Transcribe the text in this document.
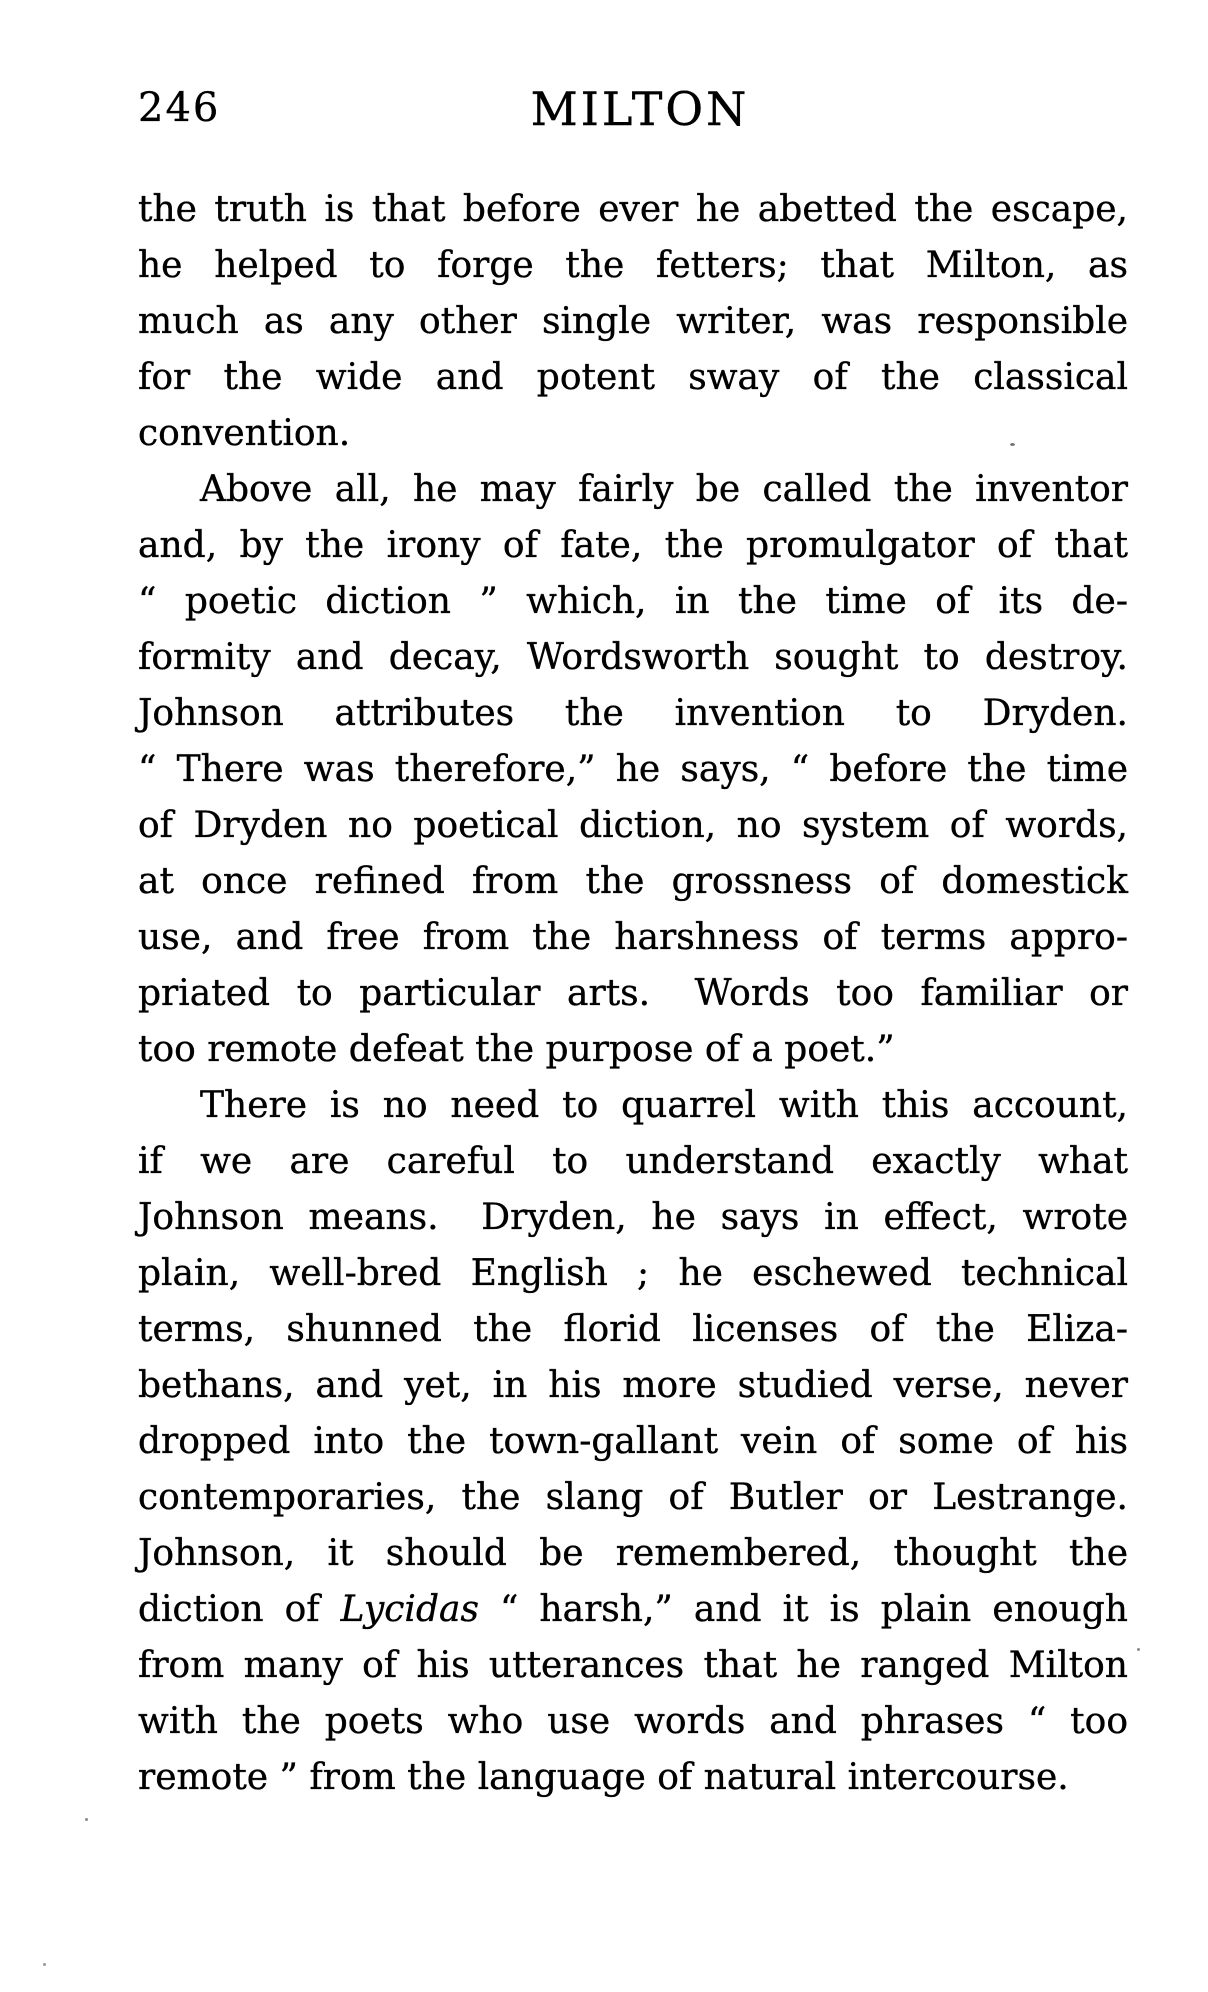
246	MILTON
the truth is that before ever he abetted the escape,
he helped to forge the fetters; that Milton, as
much as any other single writer, was responsible
for the wide and potent sway of the classical
convention.
Above all, he may fairly be called the inventor
and, by the irony of fate, the promulgator of that
“ poetic diction ” which, in the time of its de-
formity and decay, Wordsworth sought to destroy.
Johnson attributes the invention to Dryden.
“ There was therefore,” he says, “ before the time
of Dryden no poetical diction, no system of words,
at once refined from the grossness of domestick
use, and free from the harshness of terms appro-
priated to particular arts.  Words too familiar or
too remote defeat the purpose of a poet.”
There is no need to quarrel with this account,
if we are careful to understand exactly what
Johnson means.  Dryden, he says in effect, wrote
plain, well-bred English ; he eschewed technical
terms, shunned the florid licenses of the Eliza-
bethans, and yet, in his more studied verse, never
dropped into the town-gallant vein of some of his
contemporaries, the slang of Butler or Lestrange.
Johnson, it should be remembered, thought the
diction of Lycidas “ harsh,” and it is plain enough
from many of his utterances that he ranged Milton
with the poets who use words and phrases “ too
remote ” from the language of natural intercourse.
